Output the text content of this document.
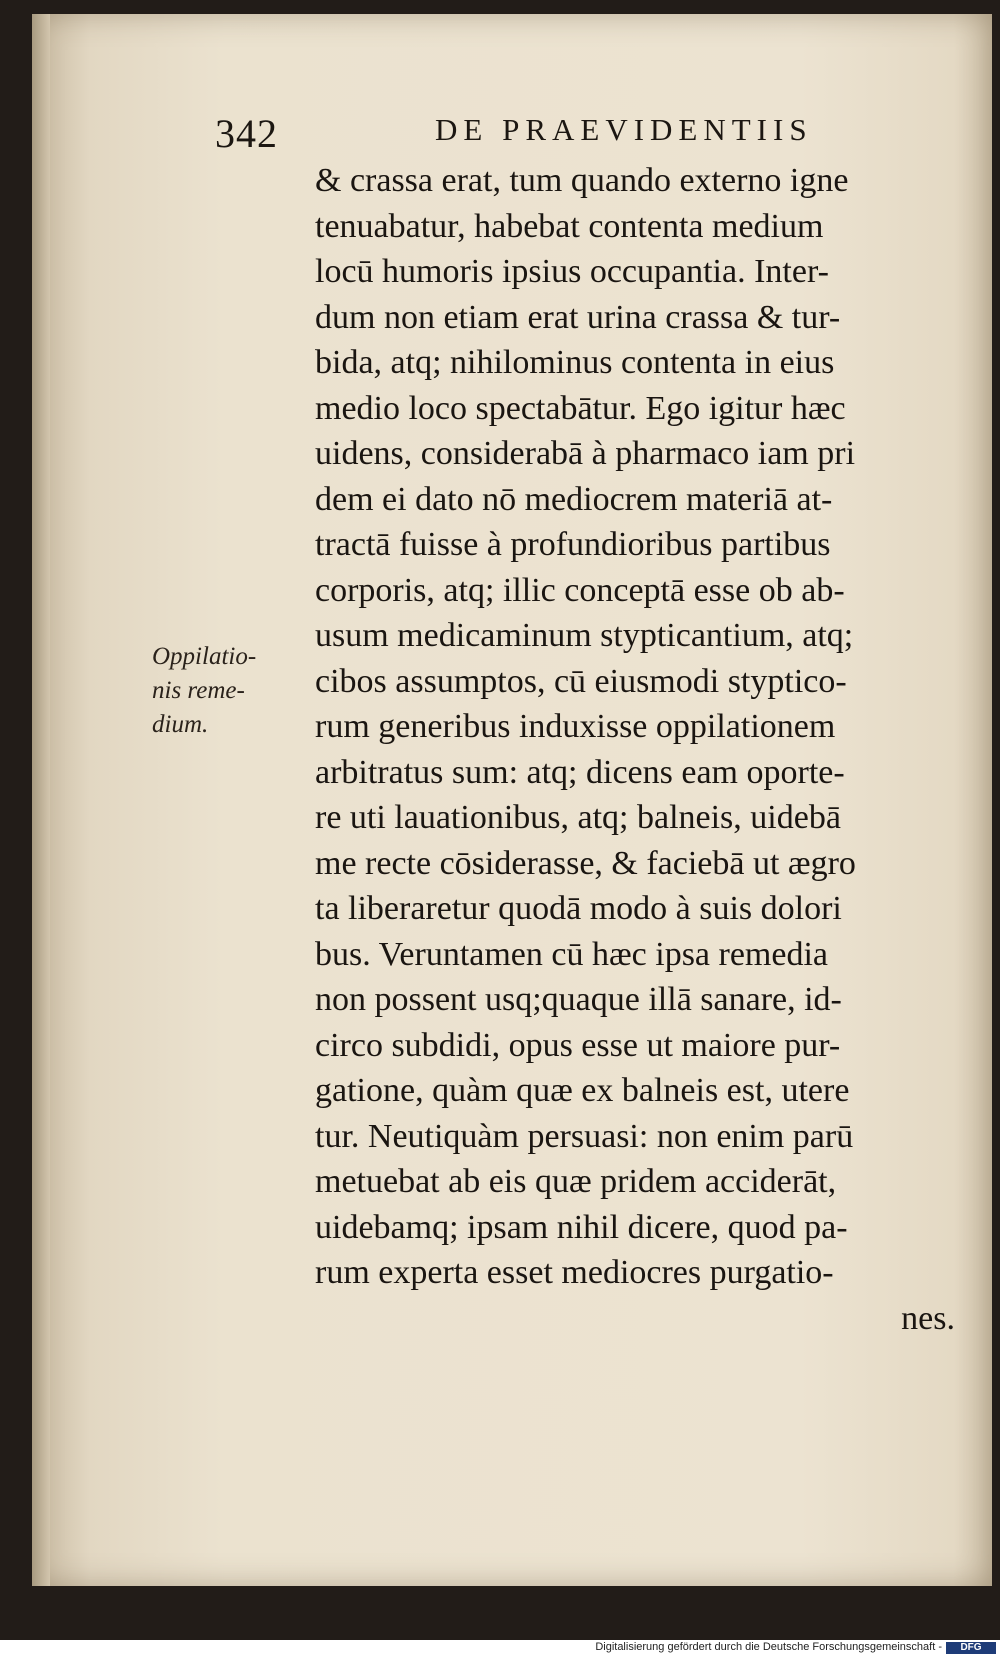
342	DE PRAEVIDENTIIS
Oppilatio-
nis reme-
dium.
& crassa erat, tum quando externo igne
tenuabatur, habebat contenta medium
locū humoris ipsius occupantia. Inter-
dum non etiam erat urina crassa & tur-
bida, atq; nihilominus contenta in eius
medio loco spectabātur. Ego igitur hæc
uidens, considerabā à pharmaco iam pri
dem ei dato nō mediocrem materiā at-
tractā fuisse à profundioribus partibus
corporis, atq; illic conceptā esse ob ab-
usum medicaminum stypticantium, atq;
cibos assumptos, cū eiusmodi styptico-
rum generibus induxisse oppilationem
arbitratus sum: atq; dicens eam oporte-
re uti lauationibus, atq; balneis, uidebā
me recte cōsiderasse, & faciebā ut ægro
ta liberaretur quodā modo à suis dolori
bus. Veruntamen cū hæc ipsa remedia
non possent usq;quaque illā sanare, id-
circo subdidi, opus esse ut maiore pur-
gatione, quàm quæ ex balneis est, utere
tur. Neutiquàm persuasi: non enim parū
metuebat ab eis quæ pridem acciderāt,
uidebamq; ipsam nihil dicere, quod pa-
rum experta esset mediocres purgatio-
nes.
Digitalisierung gefördert durch die Deutsche Forschungsgemeinschaft -	DFG
